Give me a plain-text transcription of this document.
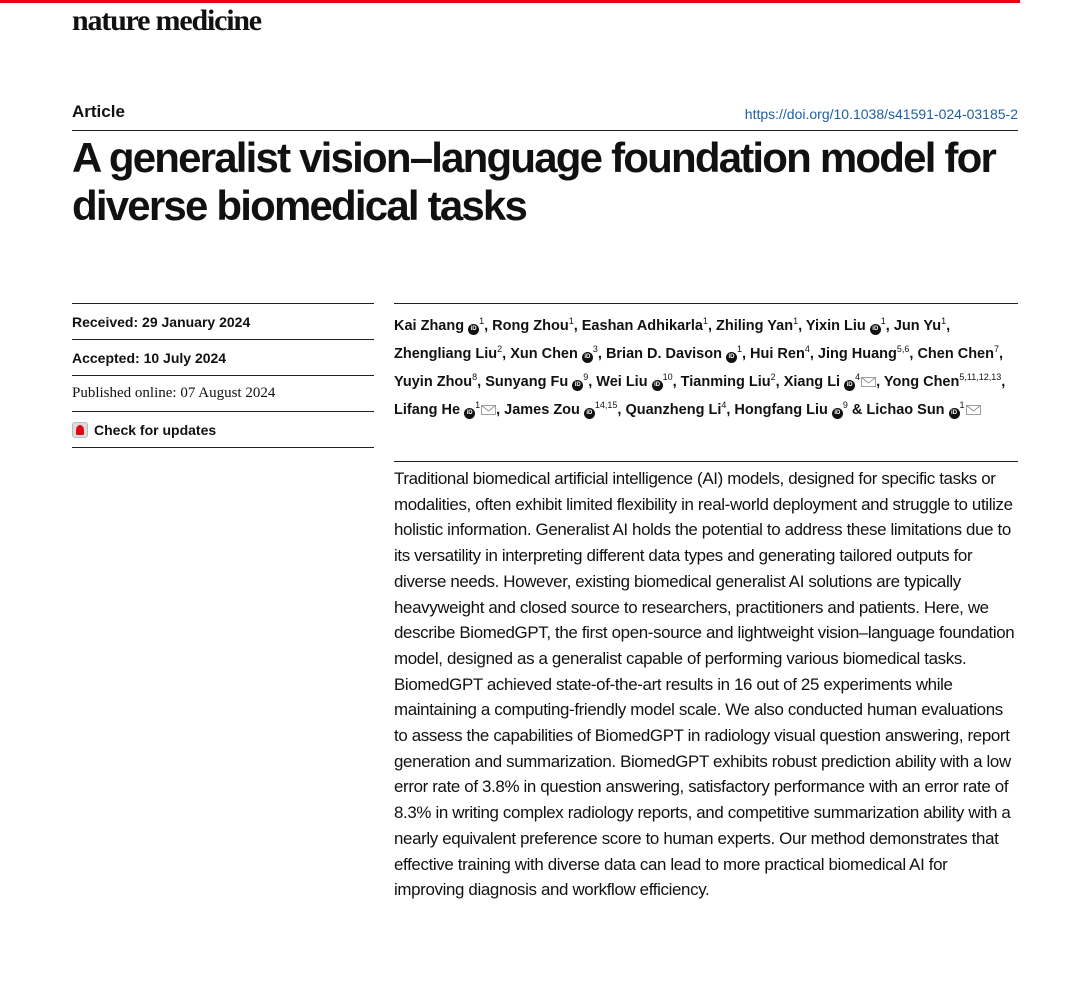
nature medicine
Article	https://doi.org/10.1038/s41591-024-03185-2
A generalist vision–language foundation model for diverse biomedical tasks
Received: 29 January 2024
Accepted: 10 July 2024
Published online: 07 August 2024
Check for updates
Kai Zhang $iD^1$, Rong Zhou$^1$, Eashan Adhikarla$^1$, Zhiling Yan$^1$, Yixin Liu $iD^1$, Jun Yu$^1$, Zhengliang Liu$^2$, Xun Chen $iD^3$, Brian D. Davison $iD^1$, Hui Ren$^4$, Jing Huang$^{5,6}$, Chen Chen$^7$, Yuyin Zhou$^8$, Sunyang Fu $iD^9$, Wei Liu $iD^{10}$, Tianming Liu$^2$, Xiang Li $iD^4$ , Yong Chen$^{5,11,12,13}$, Lifang He $iD^1$ , James Zou iD$^{14,15}$, Quanzheng Li$^4$, Hongfang Liu $iD^9$ & Lichao Sun $iD^1$

Traditional biomedical artificial intelligence (AI) models, designed for specific tasks or modalities, often exhibit limited flexibility in real-world deployment and struggle to utilize holistic information. Generalist AI holds the potential to address these limitations due to its versatility in interpreting different data types and generating tailored outputs for diverse needs. However, existing biomedical generalist AI solutions are typically heavyweight and closed source to researchers, practitioners and patients. Here, we describe BiomedGPT, the first open-source and lightweight vision–language foundation model, designed as a generalist capable of performing various biomedical tasks. BiomedGPT achieved state-of-the-art results in 16 out of 25 experiments while maintaining a computing-friendly model scale. We also conducted human evaluations to assess the capabilities of BiomedGPT in radiology visual question answering, report generation and summarization. BiomedGPT exhibits robust prediction ability with a low error rate of 3.8% in question answering, satisfactory performance with an error rate of 8.3% in writing complex radiology reports, and competitive summarization ability with a nearly equivalent preference score to human experts. Our method demonstrates that effective training with diverse data can lead to more practical biomedical AI for improving diagnosis and workflow efficiency.
